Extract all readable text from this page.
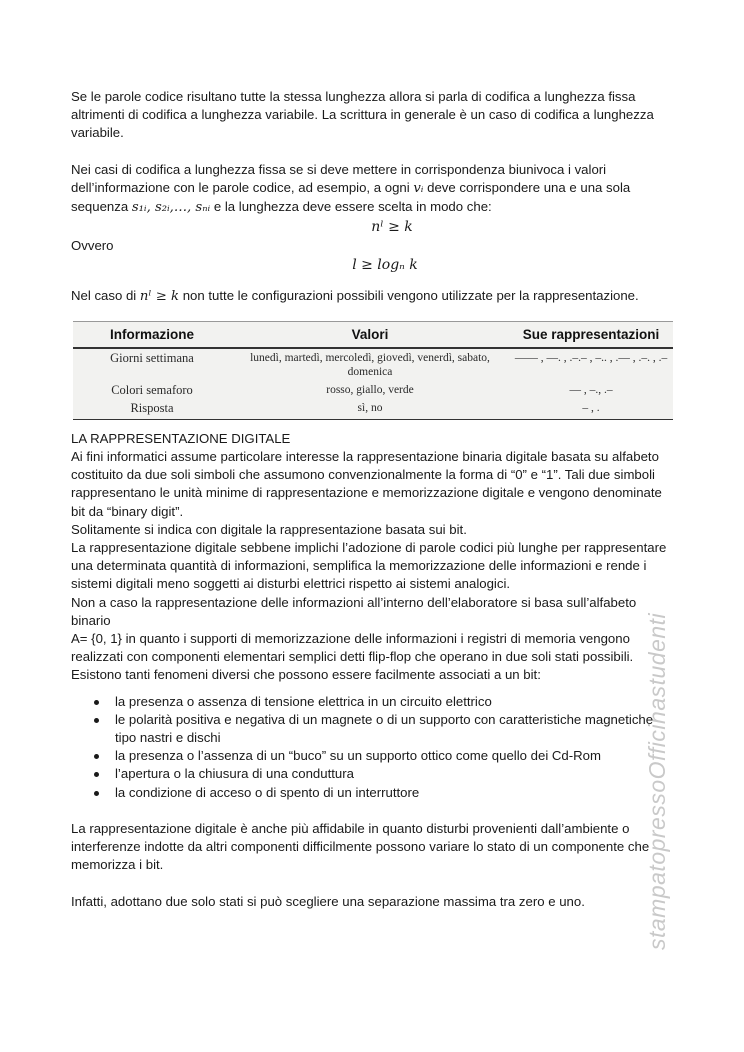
Se le parole codice risultano tutte la stessa lunghezza allora si parla di codifica a lunghezza fissa altrimenti di codifica a lunghezza variabile. La scrittura in generale è un caso di codifica a lunghezza variabile.

Nei casi di codifica a lunghezza fissa se si deve mettere in corrispondenza biunivoca i valori dell’informazione con le parole codice, ad esempio, a ogni vᵢ deve corrispondere una e una sola sequenza s₁ᵢ, s₂ᵢ,…, sₙᵢ e la lunghezza deve essere scelta in modo che:

nˡ ≥ k

Ovvero

l ≥ logₙ k

Nel caso di nˡ ≥ k non tutte le configurazioni possibili vengono utilizzate per la rappresentazione.

Informazione	Valori	Sue rappresentazioni
Giorni settimana	lunedì, martedì, mercoledì, giovedì, venerdì, sabato, domenica	—— , —. , .–.– , –.. , .— , .–. , .–
Colori semaforo	rosso, giallo, verde	— , –., .–
Risposta	sì, no	– , .

LA RAPPRESENTAZIONE DIGITALE

Ai fini informatici assume particolare interesse la rappresentazione binaria digitale basata su alfabeto costituito da due soli simboli che assumono convenzionalmente la forma di “0” e “1”. Tali due simboli rappresentano le unità minime di rappresentazione e memorizzazione digitale e vengono denominate bit da “binary digit”.

Solitamente si indica con digitale la rappresentazione basata sui bit.

La rappresentazione digitale sebbene implichi l’adozione di parole codici più lunghe per rappresentare una determinata quantità di informazioni, semplifica la memorizzazione delle informazioni e rende i sistemi digitali meno soggetti ai disturbi elettrici rispetto ai sistemi analogici.

Non a caso la rappresentazione delle informazioni all’interno dell’elaboratore si basa sull’alfabeto binario

A= {0, 1} in quanto i supporti di memorizzazione delle informazioni i registri di memoria vengono realizzati con componenti elementari semplici detti flip-flop che operano in due soli stati possibili. Esistono tanti fenomeni diversi che possono essere facilmente associati a un bit:

la presenza o assenza di tensione elettrica in un circuito elettrico
le polarità positiva e negativa di un magnete o di un supporto con caratteristiche magnetiche tipo nastri e dischi
la presenza o l’assenza di un “buco” su un supporto ottico come quello dei Cd-Rom
l’apertura o la chiusura di una conduttura
la condizione di acceso o di spento di un interruttore

La rappresentazione digitale è anche più affidabile in quanto disturbi provenienti dall’ambiente o interferenze indotte da altri componenti difficilmente possono variare lo stato di un componente che memorizza i bit.

Infatti, adottano due solo stati si può scegliere una separazione massima tra zero e uno.	stampatopressoOfficinastudenti
